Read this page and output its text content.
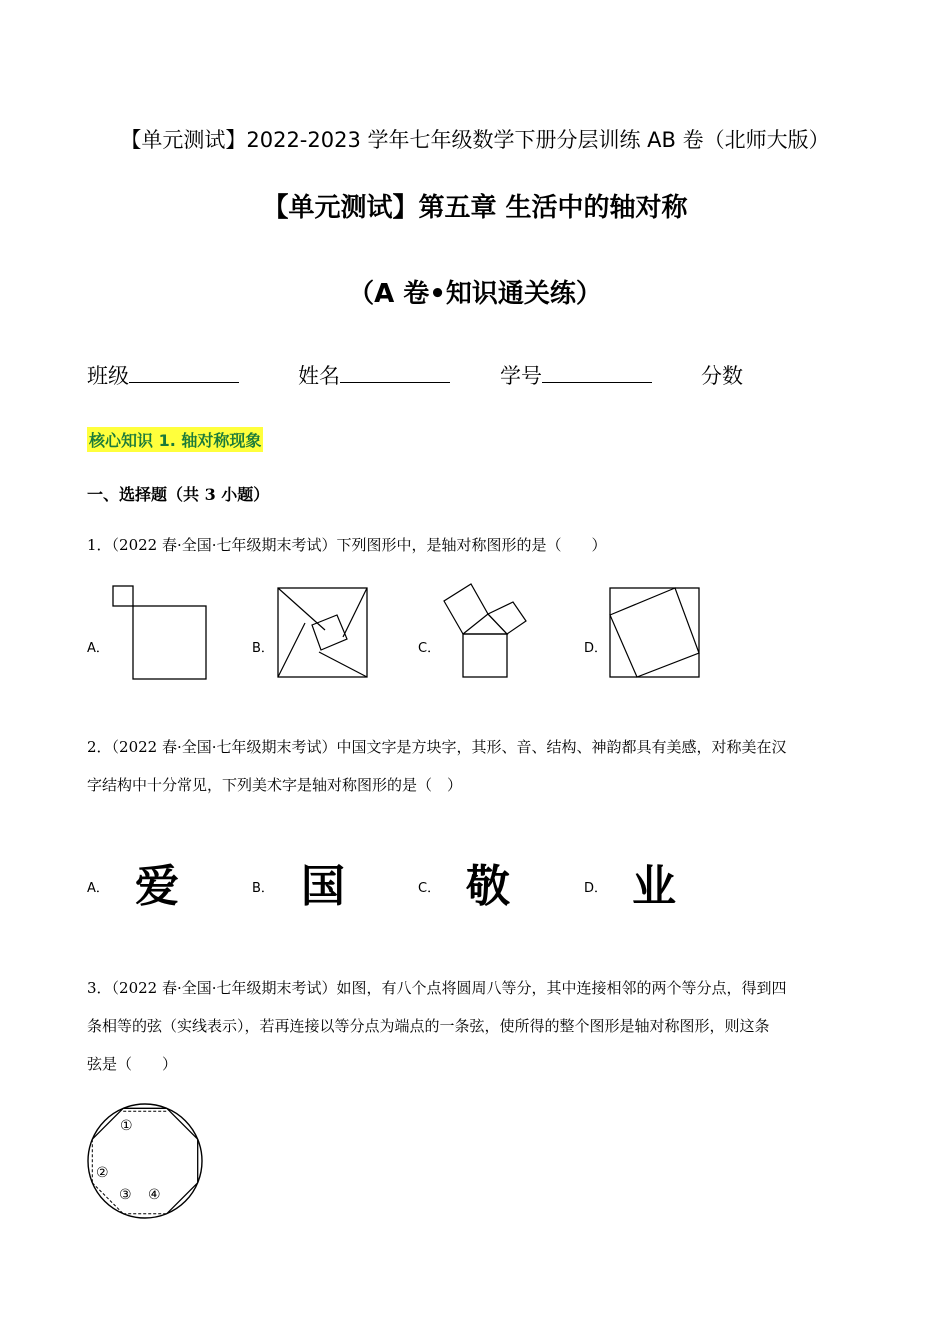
【单元测试】2022-2023 学年七年级数学下册分层训练 AB 卷（北师大版）
【单元测试】第五章 生活中的轴对称
（A 卷•知识通关练）
班级	姓名	学号	分数
核心知识 1. 轴对称现象
一、选择题（共 3 小题）
1．（2022 春·全国·七年级期末考试）下列图形中，是轴对称图形的是（　　）
A．	B．	C．	D．
2．（2022 春·全国·七年级期末考试）中国文字是方块字，其形、音、结构、神韵都具有美感，对称美在汉
字结构中十分常见，下列美术字是轴对称图形的是（　）
A． 爱	B． 国	C． 敬	D． 业
3．（2022 春·全国·七年级期末考试）如图，有八个点将圆周八等分，其中连接相邻的两个等分点，得到四
条相等的弦（实线表示），若再连接以等分点为端点的一条弦，使所得的整个图形是轴对称图形，则这条
弦是（　　）
①
②
③ ④
